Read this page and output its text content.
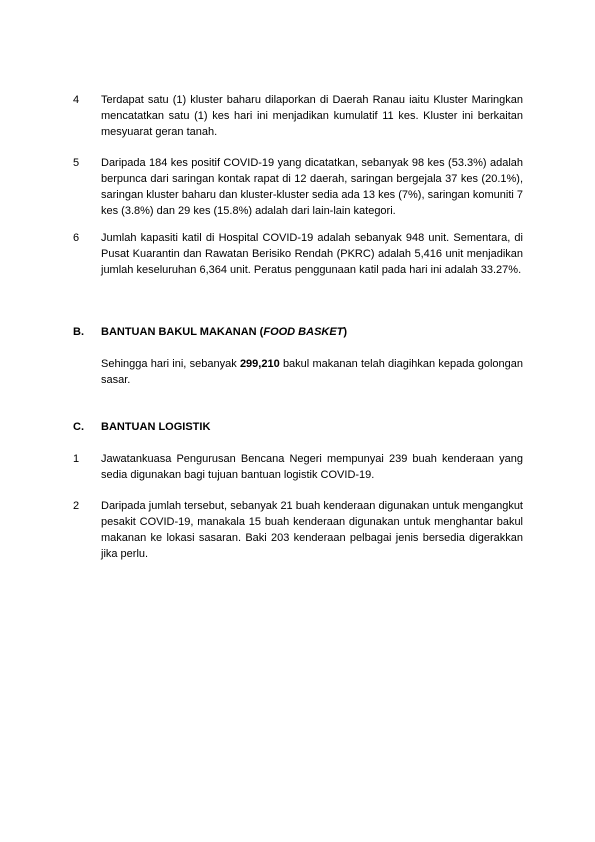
4 Terdapat satu (1) kluster baharu dilaporkan di Daerah Ranau iaitu Kluster Maringkan mencatatkan satu (1) kes hari ini menjadikan kumulatif 11 kes. Kluster ini berkaitan mesyuarat geran tanah.
5 Daripada 184 kes positif COVID-19 yang dicatatkan, sebanyak 98 kes (53.3%) adalah berpunca dari saringan kontak rapat di 12 daerah, saringan bergejala 37 kes (20.1%), saringan kluster baharu dan kluster-kluster sedia ada 13 kes (7%), saringan komuniti 7 kes (3.8%) dan 29 kes (15.8%) adalah dari lain-lain kategori.
6 Jumlah kapasiti katil di Hospital COVID-19 adalah sebanyak 948 unit. Sementara, di Pusat Kuarantin dan Rawatan Berisiko Rendah (PKRC) adalah 5,416 unit menjadikan jumlah keseluruhan 6,364 unit. Peratus penggunaan katil pada hari ini adalah 33.27%.
B. BANTUAN BAKUL MAKANAN (FOOD BASKET)
Sehingga hari ini, sebanyak 299,210 bakul makanan telah diagihkan kepada golongan sasar.
C. BANTUAN LOGISTIK
1 Jawatankuasa Pengurusan Bencana Negeri mempunyai 239 buah kenderaan yang sedia digunakan bagi tujuan bantuan logistik COVID-19.
2 Daripada jumlah tersebut, sebanyak 21 buah kenderaan digunakan untuk mengangkut pesakit COVID-19, manakala 15 buah kenderaan digunakan untuk menghantar bakul makanan ke lokasi sasaran. Baki 203 kenderaan pelbagai jenis bersedia digerakkan jika perlu.
